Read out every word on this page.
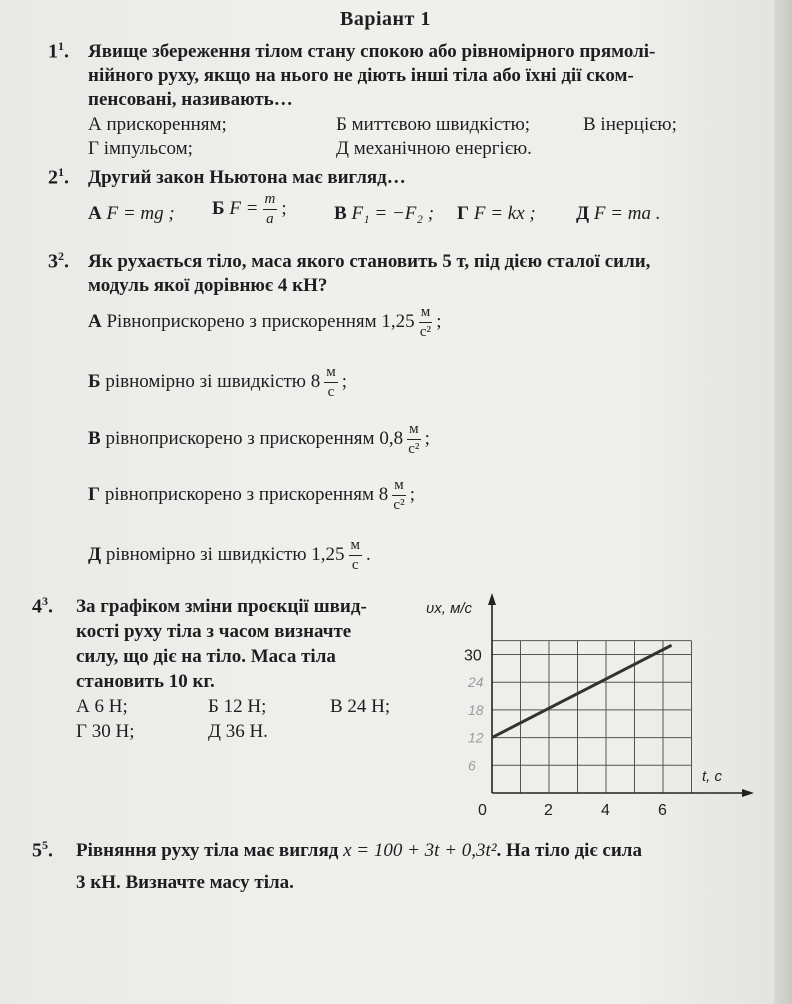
Варіант 1
$1^1$. Явище збереження тілом стану спокою або рівномірного прямолі-
нійного руху, якщо на нього не діють інші тіла або їхні дії ском-
пенсовані, називають…
А прискоренням;	Б миттєвою швидкістю;	В інерцією;
Г імпульсом;	Д механічною енергією.
$2^1$. Другий закон Ньютона має вигляд…
А F = mg ; Б $F = \frac{m}{a}$ ; В F₁ = −F₂ ; Г F = kx ; Д F = ma .
$3^2$. Як рухається тіло, маса якого становить 5 т, під дією сталої сили,
модуль якої дорівнює 4 кН?
А Рівноприскорено з прискоренням $1,25 \frac{м}{\text{с²}}$ ;
Б рівномірно зі швидкістю $8 \frac{м}{с}$ ;
В рівноприскорено з прискоренням $0,8 \frac{м}{\text{с²}}$ ;
Г рівноприскорено з прискоренням $8 \frac{м}{\text{с²}}$ ;
Д рівномірно зі швидкістю $1,25 \frac{м}{с}$ .
$4^3$. За графіком зміни проєкції швид-
кості руху тіла з часом визначте
силу, що діє на тіло. Маса тіла
становить 10 кг.
А 6 Н;	Б 12 Н;	В 24 Н;
Г 30 Н;	Д 36 Н.
0	2	4	6
30
24
18
12
6
υx, м/с
t, с
$5^5$. Рівняння руху тіла має вигляд x = 100 + 3t + 0,3t². На тіло діє сила
3 кН. Визначте масу тіла.
